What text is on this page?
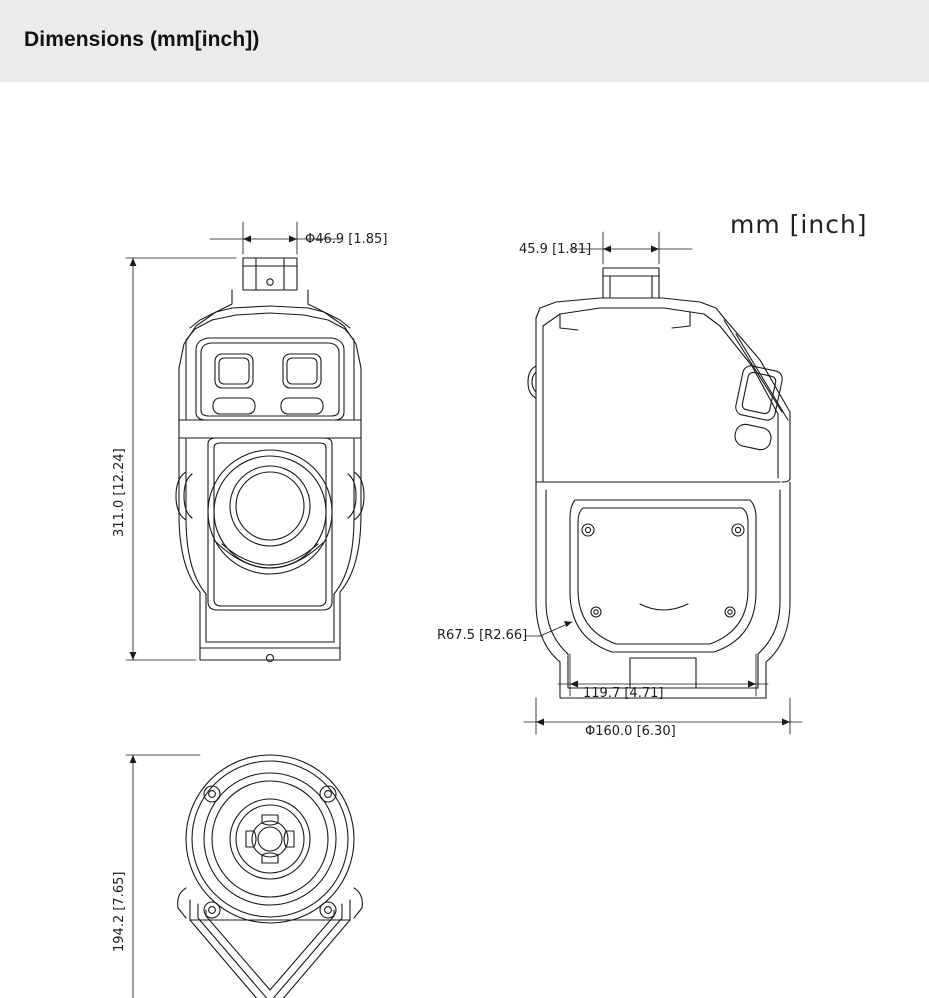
Dimensions (mm[inch])
mm [inch]
Φ46.9 [1.85]
311.0 [12.24]
45.9 [1.81]
R67.5 [R2.66]
119.7 [4.71]
Φ160.0 [6.30]
194.2 [7.65]
